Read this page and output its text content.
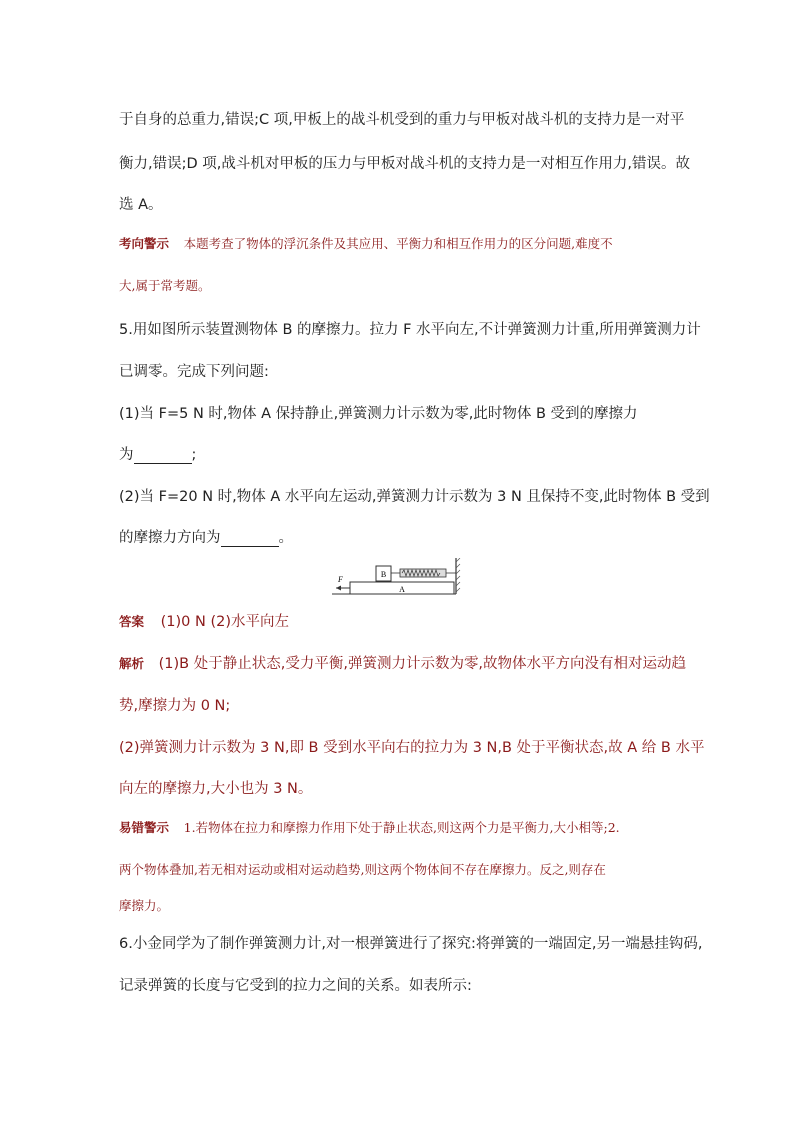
于自身的总重力,错误;C 项,甲板上的战斗机受到的重力与甲板对战斗机的支持力是一对平
衡力,错误;D 项,战斗机对甲板的压力与甲板对战斗机的支持力是一对相互作用力,错误。故
选 A。
考向警示 本题考查了物体的浮沉条件及其应用、平衡力和相互作用力的区分问题,难度不
大,属于常考题。
5.用如图所示装置测物体 B 的摩擦力。拉力 F 水平向左,不计弹簧测力计重,所用弹簧测力计
已调零。完成下列问题:
(1)当 F=5 N 时,物体 A 保持静止,弹簧测力计示数为零,此时物体 B 受到的摩擦力
为	;
(2)当 F=20 N 时,物体 A 水平向左运动,弹簧测力计示数为 3 N 且保持不变,此时物体 B 受到
的摩擦力方向为	。
A
B
F
答案 (1)0 N (2)水平向左
解析 (1)B 处于静止状态,受力平衡,弹簧测力计示数为零,故物体水平方向没有相对运动趋
势,摩擦力为 0 N;
(2)弹簧测力计示数为 3 N,即 B 受到水平向右的拉力为 3 N,B 处于平衡状态,故 A 给 B 水平
向左的摩擦力,大小也为 3 N。
易错警示 1.若物体在拉力和摩擦力作用下处于静止状态,则这两个力是平衡力,大小相等;2.
两个物体叠加,若无相对运动或相对运动趋势,则这两个物体间不存在摩擦力。反之,则存在
摩擦力。
6.小金同学为了制作弹簧测力计,对一根弹簧进行了探究:将弹簧的一端固定,另一端悬挂钩码,
记录弹簧的长度与它受到的拉力之间的关系。如表所示:
